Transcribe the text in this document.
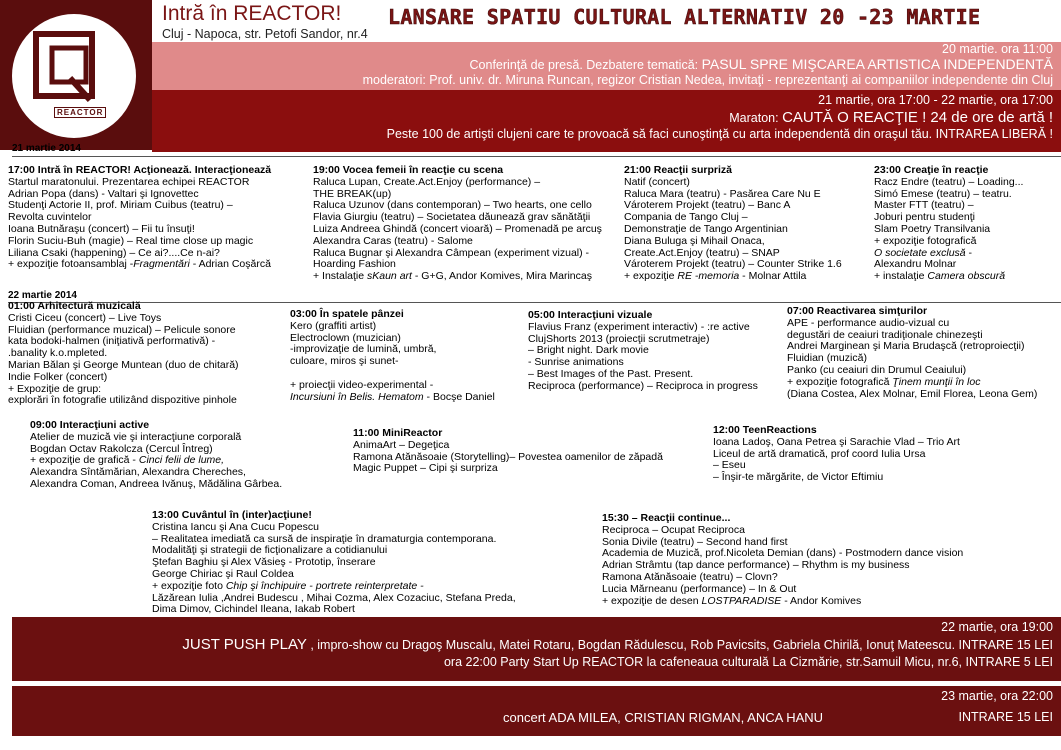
REACTOR
Intră în REACTOR!
Cluj - Napoca, str. Petofi Sandor, nr.4
LANSARE SPATIU CULTURAL ALTERNATIV 20 -23 MARTIE
20 martie. ora 11:00
Conferinţă de presă. Dezbatere tematică: PASUL SPRE MIŞCAREA ARTISTICA INDEPENDENTĂ
moderatori: Prof. univ. dr. Miruna Runcan, regizor Cristian Nedea, invitaţi - reprezentanţi ai companiilor independente din Cluj
21 martie, ora 17:00 - 22 martie, ora 17:00
Maraton: CAUTĂ O REACŢIE ! 24 de ore de artă !
Peste 100 de artişti clujeni care te provoacă să faci cunoştinţă cu arta independentă din oraşul tău. INTRAREA LIBERĂ !
21 martie 2014
17:00 Intră în REACTOR! Acţionează. Interacţionează
Startul maratonului. Prezentarea echipei REACTOR
Adrian Popa (dans) - Valtari şi Ignovettec
Studenţi Actorie II, prof. Miriam Cuibus (teatru) –
Revolta cuvintelor
Ioana Butnăraşu (concert) – Fii tu însuţi!
Florin Suciu-Buh (magie) – Real time close up magic
Liliana Csaki (happening) – Ce ai?....Ce n-ai?
+ expoziţie fotoansamblaj -Fragmentări - Adrian Coşărcă
19:00 Vocea femeii în reacţie cu scena
Raluca Lupan, Create.Act.Enjoy (performance) –
THE BREAK(up)
Raluca Uzunov (dans contemporan) – Two hearts, one cello
Flavia Giurgiu (teatru) – Societatea dăunează grav sănătăţii
Luiza Andreea Ghindă (concert vioară) – Promenadă pe arcuş
Alexandra Caras (teatru) - Salome
Raluca Bugnar şi Alexandra Câmpean (experiment vizual) -
Hoarding Fashion
+ Instalaţie sKaun art - G+G, Andor Komives, Mira Marincaş
21:00 Reacţii surpriză
Natif (concert)
Raluca Mara (teatru) - Pasărea Care Nu E
Vároterem Projekt (teatru) – Banc A
Compania de Tango Cluj –
Demonstraţie de Tango Argentinian
Diana Buluga şi Mihail Onaca,
Create.Act.Enjoy (teatru) – SNAP
Vároterem Projekt (teatru) – Counter Strike 1.6
+ expoziţie RE -memoria - Molnar Attila
23:00 Creaţie în reacţie
Racz Endre (teatru) – Loading...
Simó Emese (teatru) – teatru.
Master FTT (teatru) –
Joburi pentru studenţi
Slam Poetry Transilvania
+ expoziţie fotografică
O societate exclusă -
Alexandru Molnar
+ instalaţie Camera obscură
22 martie 2014
01:00 Arhitectură muzicală
Cristi Ciceu (concert) – Live Toys
Fluidian (performance muzical) – Pelicule sonore
kata bodoki-halmen (iniţiativă performativă) -
.banality k.o.mpleted.
Marian Bălan şi George Muntean (duo de chitară)
Indie Folker (concert)
+ Expoziţie de grup:
explorări în fotografie utilizând dispozitive pinhole
03:00 În spatele pânzei
Kero (graffiti artist)
Electroclown (muzician)
-improvizaţie de lumină, umbră,
culoare, miros şi sunet-
+ proiecţii video-experimental -
Incursiuni în Belis. Hematom - Bocşe Daniel
05:00 Interacţiuni vizuale
Flavius Franz (experiment interactiv) - :re active
ClujShorts 2013 (proiecţii scrutmetraje)
– Bright night. Dark movie
- Sunrise animations
– Best Images of the Past. Present.
Reciproca (performance) – Reciproca in progress
07:00 Reactivarea simţurilor
APE - performance audio-vizual cu
degustări de ceaiuri tradiţionale chinezeşti
Andrei Marginean şi Maria Brudaşcă (retroproiecţii)
Fluidian (muzică)
Panko (cu ceaiuri din Drumul Ceaiului)
+ expoziţie fotografică Ţinem munţii în loc
(Diana Costea, Alex Molnar, Emil Florea, Leona Gem)
09:00 Interacţiuni active
Atelier de muzică vie şi interacţiune corporală
Bogdan Octav Rakolcza (Cercul Întreg)
+ expoziţie de grafică - Cinci felii de lume,
Alexandra Sîntămărian, Alexandra Chereches,
Alexandra Coman, Andreea Ivănuş, Mădălina Gârbea.
11:00 MiniReactor
AnimaArt – Degeţica
Ramona Atănăsoaie (Storytelling)– Povestea oamenilor de zăpadă
Magic Puppet – Cipi şi surpriza
12:00 TeenReactions
Ioana Ladoş, Oana Petrea şi Sarachie Vlad – Trio Art
Liceul de artă dramatică, prof coord Iulia Ursa
– Eseu
– Înşir-te mărgărite, de Victor Eftimiu
13:00 Cuvântul în (inter)acţiune!
Cristina Iancu şi Ana Cucu Popescu
– Realitatea imediată ca sursă de inspiraţie în dramaturgia contemporana.
Modalităţi şi strategii de ficţionalizare a cotidianului
Ştefan Baghiu şi Alex Văsieş - Prototip, înserare
George Chiriac şi Raul Coldea
+ expoziţie foto Chip şi închipuire - portrete reinterpretate -
Lăzărean Iulia ,Andrei Budescu , Mihai Cozma, Alex Cozaciuc, Stefana Preda,
Dima Dimov, Cichindel Ileana, Iakab Robert
15:30 – Reacţii continue...
Reciproca – Ocupat Reciproca
Sonia Divile (teatru) – Second hand first
Academia de Muzică, prof.Nicoleta Demian (dans) - Postmodern dance vision
Adrian Strâmtu (tap dance performance) – Rhythm is my business
Ramona Atănăsoaie (teatru) – Clovn?
Lucia Mărneanu (performance) – In & Out
+ expoziţie de desen LOSTPARADISE - Andor Komives
22 martie, ora 19:00
JUST PUSH PLAY , impro-show cu Dragoş Muscalu, Matei Rotaru, Bogdan Rădulescu, Rob Pavicsits, Gabriela Chirilă, Ionuţ Mateescu. INTRARE 15 LEI
ora 22:00 Party Start Up REACTOR la cafeneaua culturală La Cizmărie, str.Samuil Micu, nr.6, INTRARE 5 LEI
23 martie, ora 22:00
concert ADA MILEA, CRISTIAN RIGMAN, ANCA HANU	INTRARE 15 LEI
